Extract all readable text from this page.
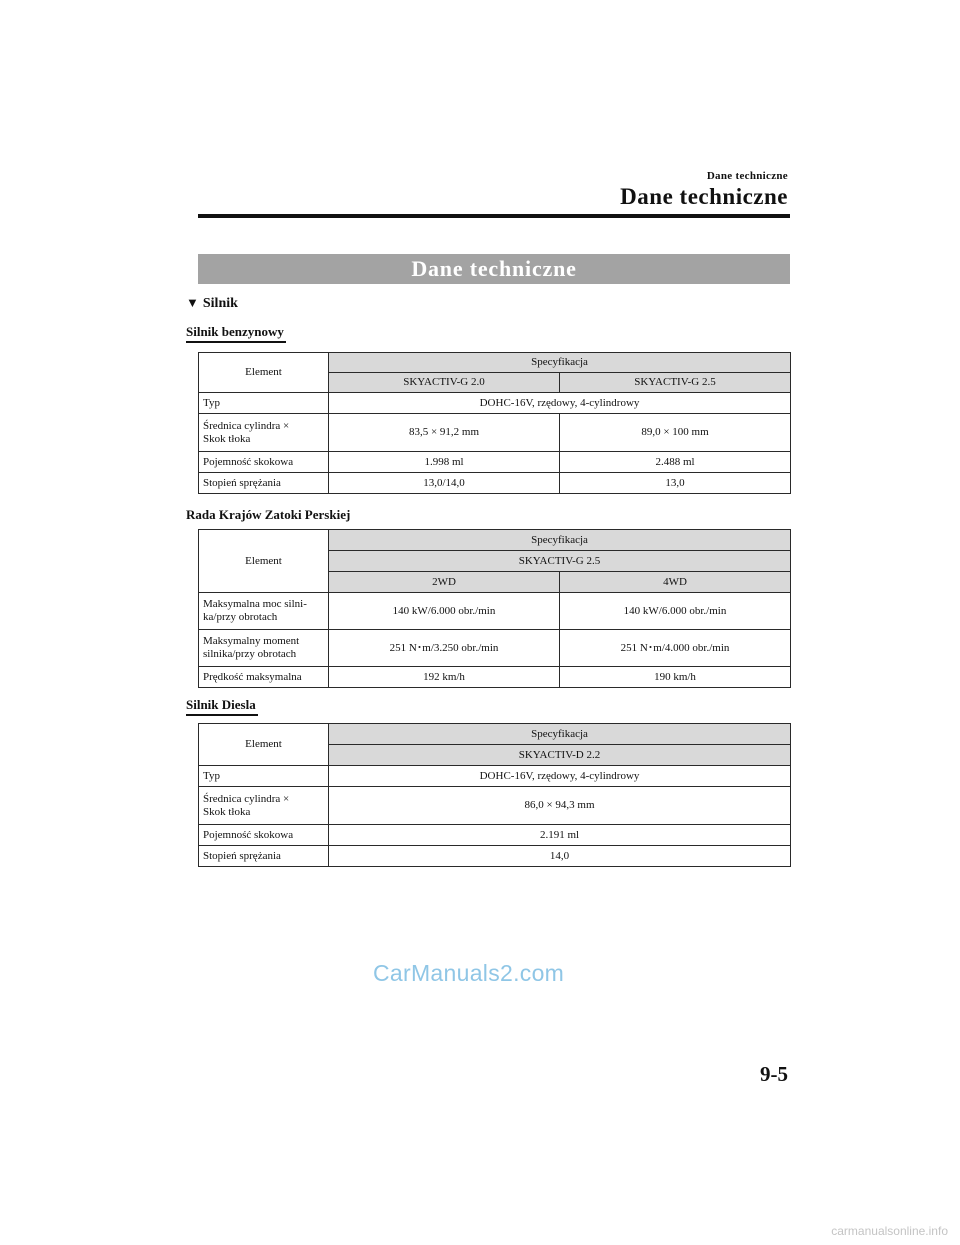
Dane techniczne
Dane techniczne
Dane techniczne
▼ Silnik
Silnik benzynowy
Element	Specyfikacja	
	SKYACTIV-G 2.0	SKYACTIV-G 2.5
Typ	DOHC-16V, rzędowy, 4-cylindrowy	
Średnica cylindra ×
Skok tłoka	83,5 × 91,2 mm	89,0 × 100 mm
Pojemność skokowa	1.998 ml	2.488 ml
Stopień sprężania	13,0/14,0	13,0
Rada Krajów Zatoki Perskiej
Element	Specyfikacja	
	SKYACTIV-G 2.5	
	2WD	4WD
Maksymalna moc silni-
ka/przy obrotach	140 kW/6.000 obr./min	140 kW/6.000 obr./min
Maksymalny moment
silnika/przy obrotach	251 N･m/3.250 obr./min	251 N･m/4.000 obr./min
Prędkość maksymalna	192 km/h	190 km/h
Silnik Diesla
Element	Specyfikacja
	SKYACTIV-D 2.2
Typ	DOHC-16V, rzędowy, 4-cylindrowy
Średnica cylindra ×
Skok tłoka	86,0 × 94,3 mm
Pojemność skokowa	2.191 ml
Stopień sprężania	14,0
CarManuals2.com
9-5
carmanualsonline.info
